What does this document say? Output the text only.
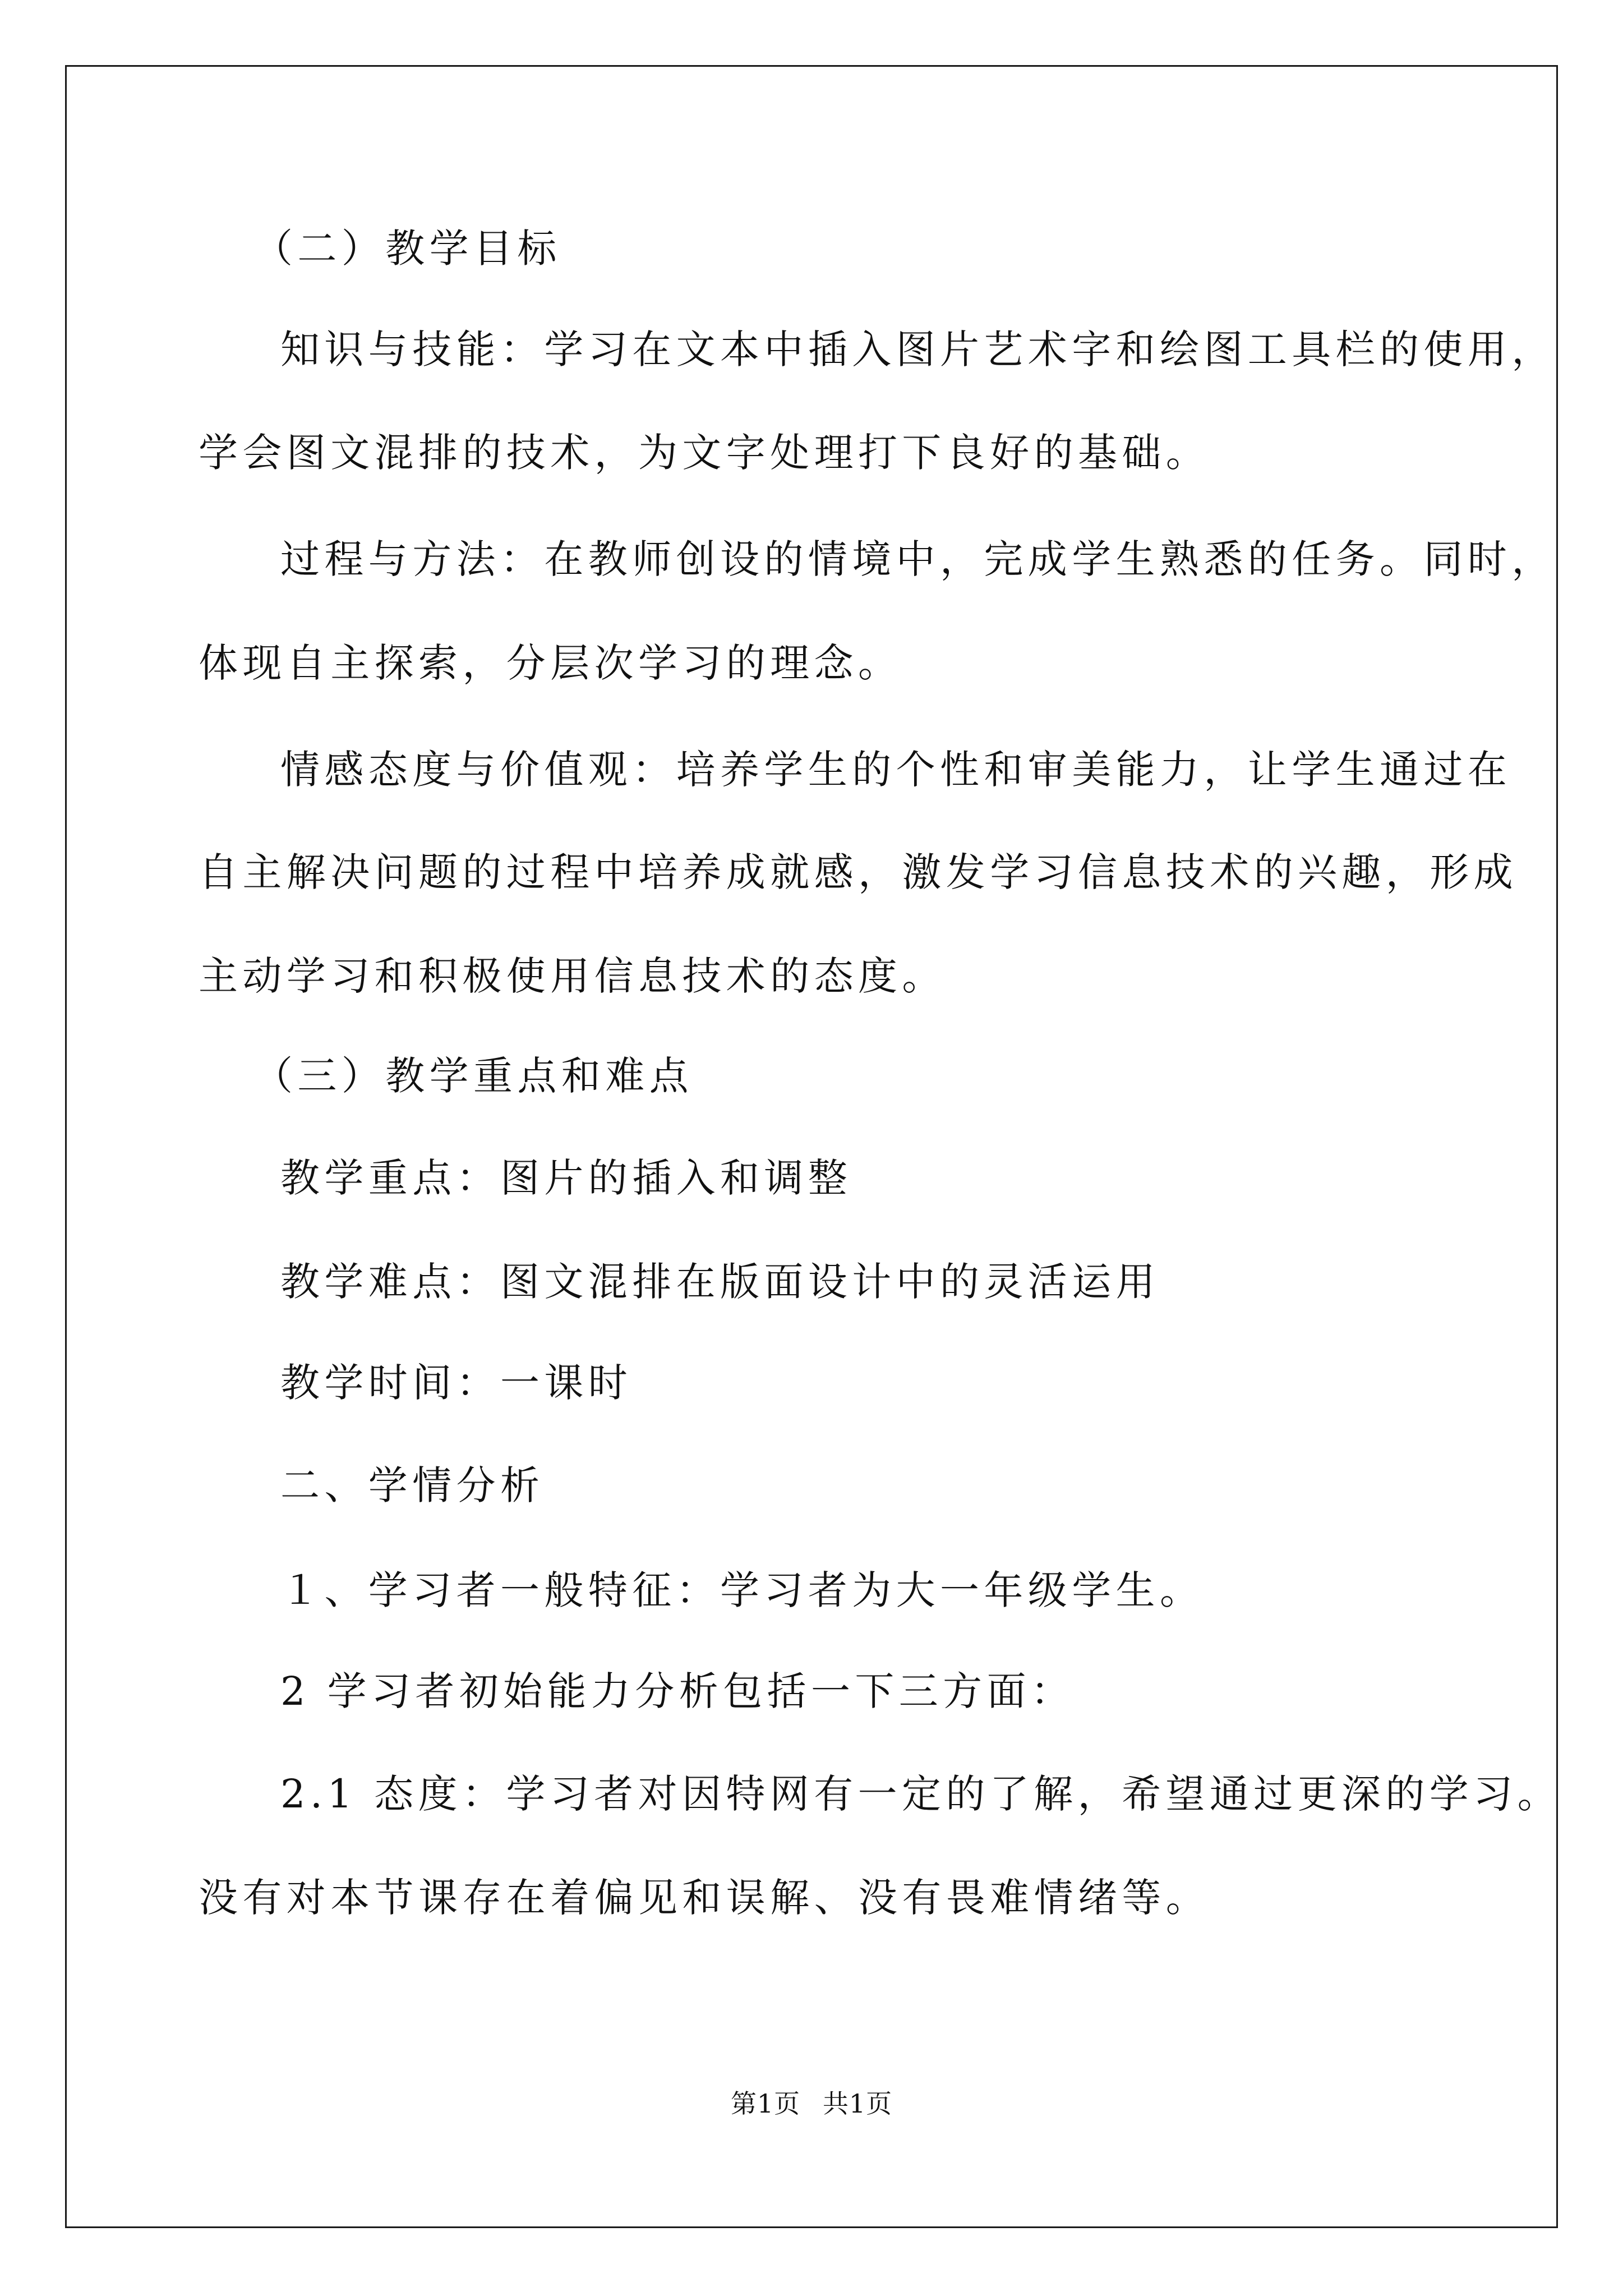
（二）教学目标
知识与技能：学习在文本中插入图片艺术字和绘图工具栏的使用，
学会图文混排的技术，为文字处理打下良好的基础。
过程与方法：在教师创设的情境中，完成学生熟悉的任务。同时，
体现自主探索，分层次学习的理念。
情感态度与价值观：培养学生的个性和审美能力，让学生通过在
自主解决问题的过程中培养成就感，激发学习信息技术的兴趣，形成
主动学习和积极使用信息技术的态度。
（三）教学重点和难点
教学重点：图片的插入和调整
教学难点：图文混排在版面设计中的灵活运用
教学时间：一课时
二、学情分析
１、学习者一般特征：学习者为大一年级学生。
2 学习者初始能力分析包括一下三方面：
2.1 态度：学习者对因特网有一定的了解，希望通过更深的学习。
没有对本节课存在着偏见和误解、没有畏难情绪等。
第1页 共1页
